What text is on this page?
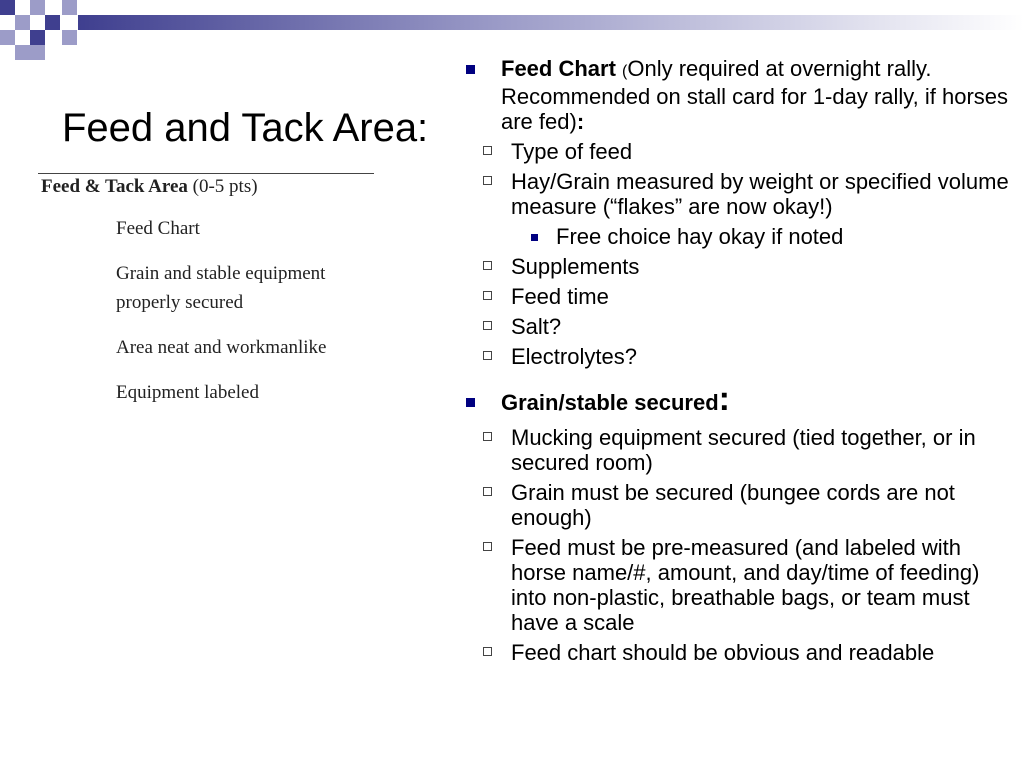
Feed and Tack Area:
Feed & Tack Area (0-5 pts)
Feed Chart
Grain and stable equipment
properly secured
Area neat and workmanlike
Equipment labeled
Feed Chart (Only required at overnight rally. Recommended on stall card for 1-day rally, if horses are fed):
Type of feed
Hay/Grain measured by weight or specified volume measure (“flakes” are now okay!)
Free choice hay okay if noted
Supplements
Feed time
Salt?
Electrolytes?
Grain/stable secured:
Mucking equipment secured (tied together, or in secured room)
Grain must be secured (bungee cords are not enough)
Feed must be pre-measured (and labeled with horse name/#, amount, and day/time of feeding) into non-plastic, breathable bags, or team must have a scale
Feed chart should be obvious and readable
